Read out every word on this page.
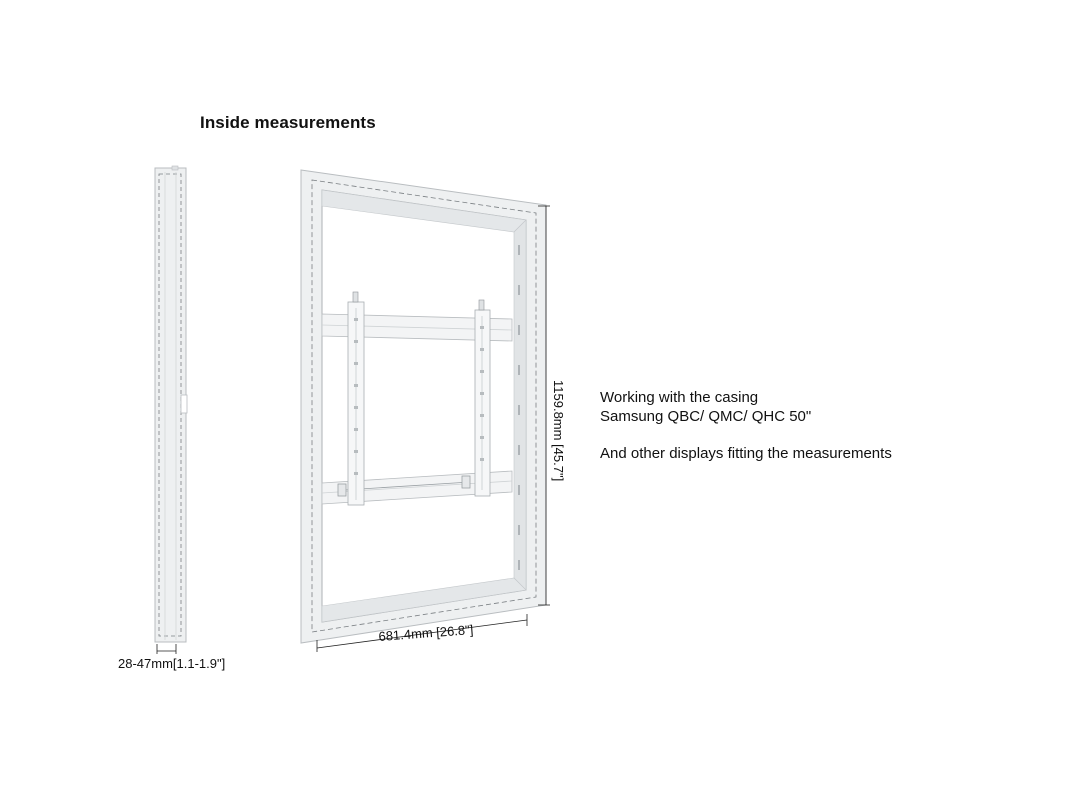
Inside measurements
28-47mm[1.1-1.9"]
681.4mm [26.8"]
1159.8mm [45.7"] Working with the casing

Samsung QBC/ QMC/ QHC 50"

And other displays fitting the measurements
